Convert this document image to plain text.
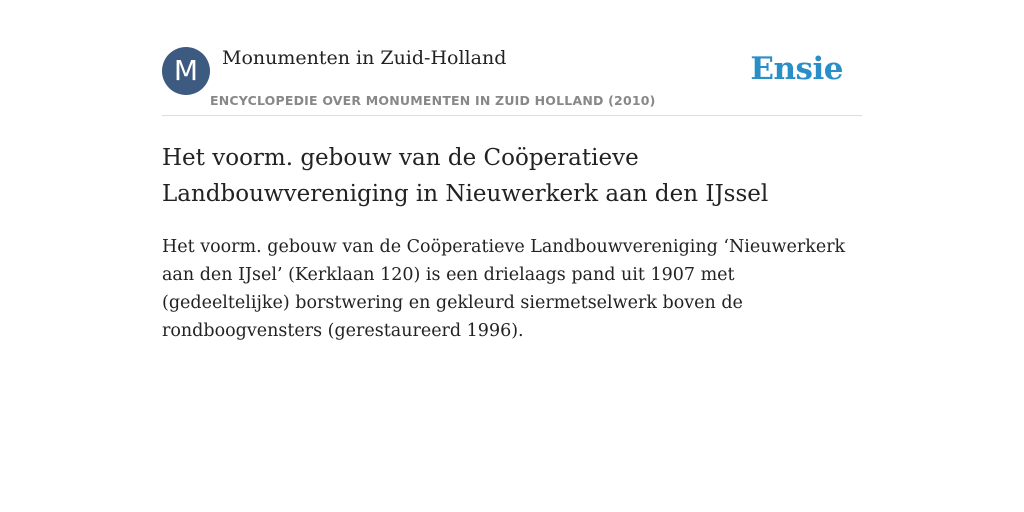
M	Monumenten in Zuid-Holland
ENCYCLOPEDIE OVER MONUMENTEN IN ZUID HOLLAND (2010)
Ensie
Het voorm. gebouw van de Coöperatieve Landbouwvereniging in Nieuwerkerk aan den IJssel

Het voorm. gebouw van de Coöperatieve Landbouwvereniging ‘Nieuwerkerk aan den IJsel’ (Kerklaan 120) is een drielaags pand uit 1907 met (gedeeltelijke) borstwering en gekleurd siermetselwerk boven de rondboogvensters (gerestaureerd 1996).
